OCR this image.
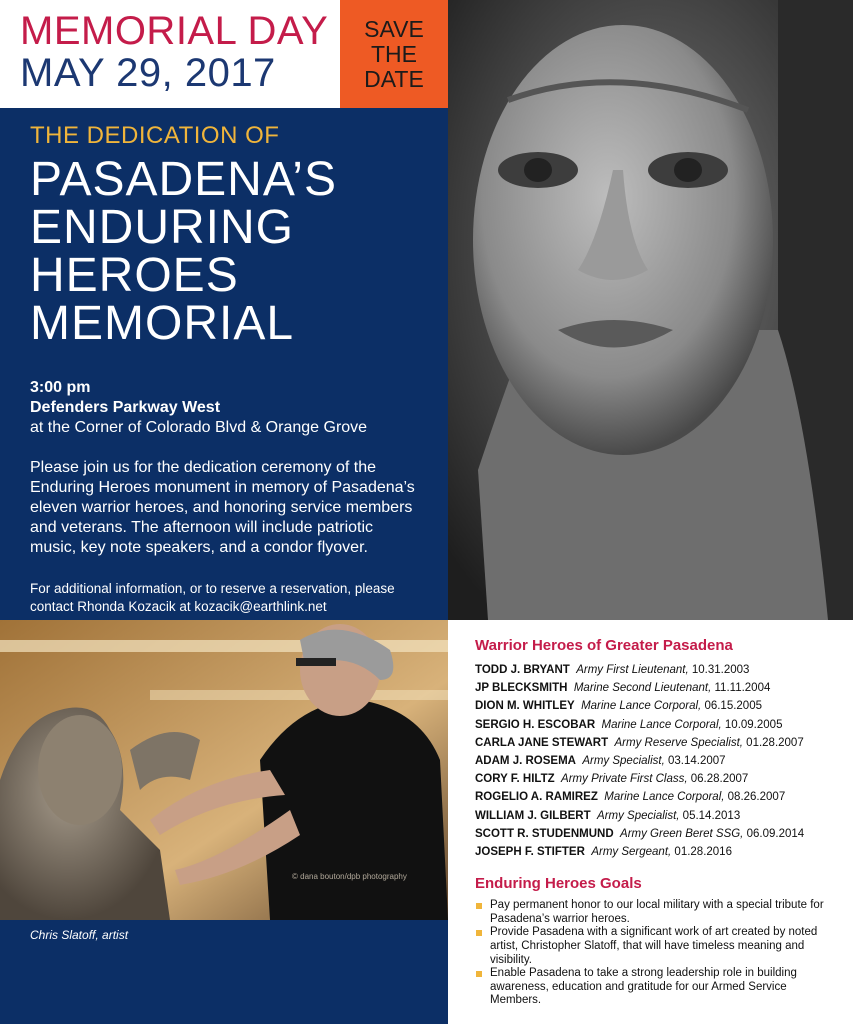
MEMORIAL DAY
MAY 29, 2017
SAVE
THE
DATE
THE DEDICATION OF
PASADENA’S
ENDURING
HEROES
MEMORIAL
3:00 pm
Defenders Parkway West
at the Corner of Colorado Blvd & Orange Grove
Please join us for the dedication ceremony of the Enduring Heroes monument in memory of Pasadena’s eleven warrior heroes, and honoring service members and veterans. The afternoon will include patriotic music, key note speakers, and a condor flyover.
For additional information, or to reserve a reservation, please contact Rhonda Kozacik at kozacik@earthlink.net
© dana bouton/dpb photography
Chris Slatoff, artist
Warrior Heroes of Greater Pasadena
TODD J. BRYANT Army First Lieutenant, 10.31.2003
JP BLECKSMITH Marine Second Lieutenant, 11.11.2004
DION M. WHITLEY Marine Lance Corporal, 06.15.2005
SERGIO H. ESCOBAR Marine Lance Corporal, 10.09.2005
CARLA JANE STEWART Army Reserve Specialist, 01.28.2007
ADAM J. ROSEMA Army Specialist, 03.14.2007
CORY F. HILTZ Army Private First Class, 06.28.2007
ROGELIO A. RAMIREZ Marine Lance Corporal, 08.26.2007
WILLIAM J. GILBERT Army Specialist, 05.14.2013
SCOTT R. STUDENMUND Army Green Beret SSG, 06.09.2014
JOSEPH F. STIFTER Army Sergeant, 01.28.2016
Enduring Heroes Goals
Pay permanent honor to our local military with a special tribute for Pasadena’s warrior heroes.
Provide Pasadena with a significant work of art created by noted artist, Christopher Slatoff, that will have timeless meaning and visibility.
Enable Pasadena to take a strong leadership role in building awareness, education and gratitude for our Armed Service Members.
